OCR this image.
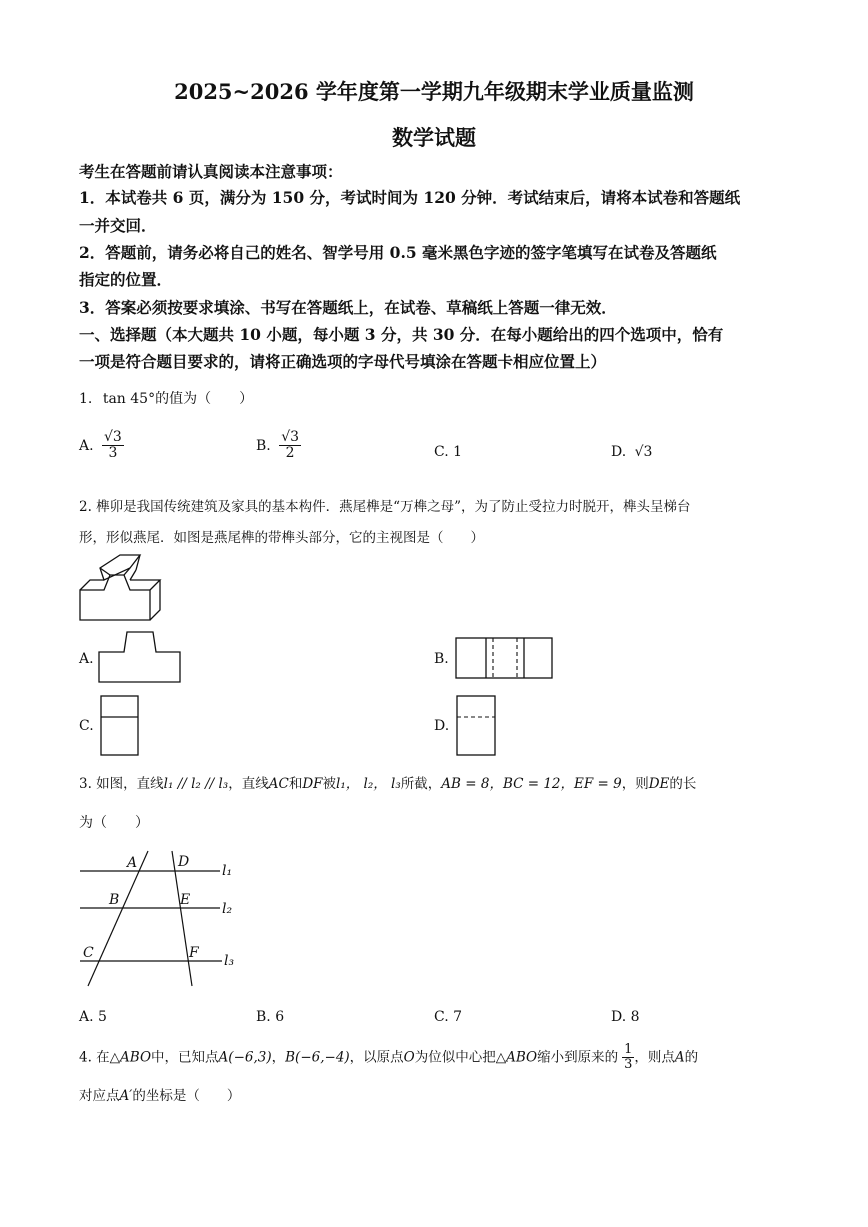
2025~2026 学年度第一学期九年级期末学业质量监测
数学试题
考生在答题前请认真阅读本注意事项：
1．本试卷共 6 页，满分为 150 分，考试时间为 120 分钟．考试结束后，请将本试卷和答题纸
一并交回．
2．答题前，请务必将自己的姓名、智学号用 0.5 毫米黑色字迹的签字笔填写在试卷及答题纸
指定的位置．
3．答案必须按要求填涂、书写在答题纸上，在试卷、草稿纸上答题一律无效．
一、选择题（本大题共 10 小题，每小题 3 分，共 30 分．在每小题给出的四个选项中，恰有
一项是符合题目要求的，请将正确选项的字母代号填涂在答题卡相应位置上）
1. tan 45°的值为（　　）
A. $\frac{√3}{3}$	B. $\frac{√3}{2}$	C. 1	D. √3
2. 榫卯是我国传统建筑及家具的基本构件．燕尾榫是“万榫之母”，为了防止受拉力时脱开，榫头呈梯台
形，形似燕尾．如图是燕尾榫的带榫头部分，它的主视图是（　　）
A.	B.
C.	D.
3. 如图，直线l₁ // l₂ // l₃，直线AC和DF被l₁， l₂， l₃所截，AB = 8，BC = 12，EF = 9，则DE的长
为（　　）
A	D
B	E
C	F
l₁
l₂
l₃
A. 5	B. 6	C. 7	D. 8
4. 在△ABO中，已知点A(−6,3)，B(−6,−4)，以原点O为位似中心把△ABO缩小到原来的 $\frac{1}{3}$ ，则点A的
对应点A′的坐标是（　　）
